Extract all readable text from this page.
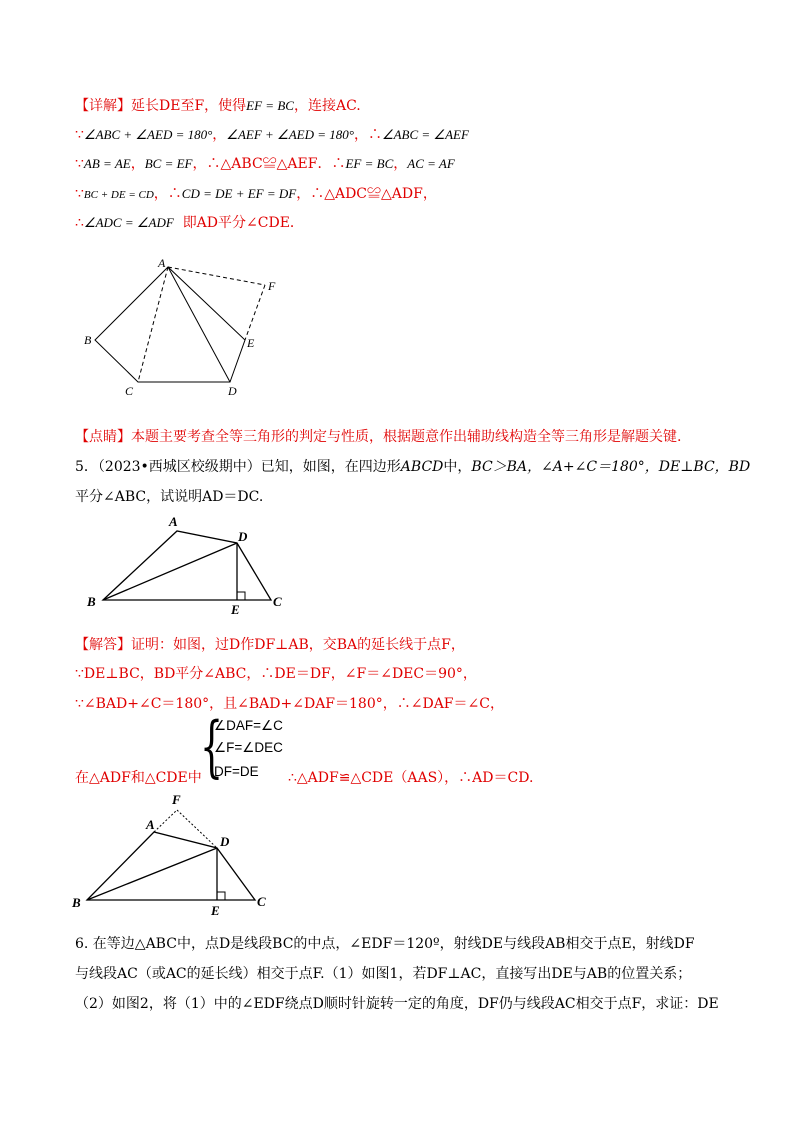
【详解】延长DE至F，使得EF = BC，连接AC.
∵∠ABC + ∠AED = 180°，∠AEF + ∠AED = 180°，∴∠ABC = ∠AEF
∵AB = AE，BC = EF，∴△ABC≌△AEF．∴EF = BC，AC = AF
∵BC + DE = CD，∴CD = DE + EF = DF，∴△ADC≌△ADF，
∴∠ADC = ∠ADF 即AD平分∠CDE．
A
B
C	D
E
F
【点睛】本题主要考查全等三角形的判定与性质，根据题意作出辅助线构造全等三角形是解题关键.
5．（2023•西城区校级期中）已知，如图，在四边形ABCD中，BC＞BA，∠A+∠C＝180°，DE⊥BC，BD
平分∠ABC，试说明AD＝DC.
A
B	C
D
E
【解答】证明：如图，过D作DF⊥AB，交BA的延长线于点F，
∵DE⊥BC，BD平分∠ABC，∴DE＝DF，∠F＝∠DEC＝90°，
∵∠BAD+∠C＝180°，且∠BAD+∠DAF＝180°，∴∠DAF＝∠C，
{
∠DAF=∠C
∠F=∠DEC
DF=DE
在△ADF和△CDE中	∴△ADF≌△CDE（AAS），∴AD＝CD.
F
A
B	C
D
E
6. 在等边△ABC中，点D是线段BC的中点，∠EDF＝120º，射线DE与线段AB相交于点E，射线DF
与线段AC（或AC的延长线）相交于点F.（1）如图1，若DF⊥AC，直接写出DE与AB的位置关系；
（2）如图2，将（1）中的∠EDF绕点D顺时针旋转一定的角度，DF仍与线段AC相交于点F，求证：DE
